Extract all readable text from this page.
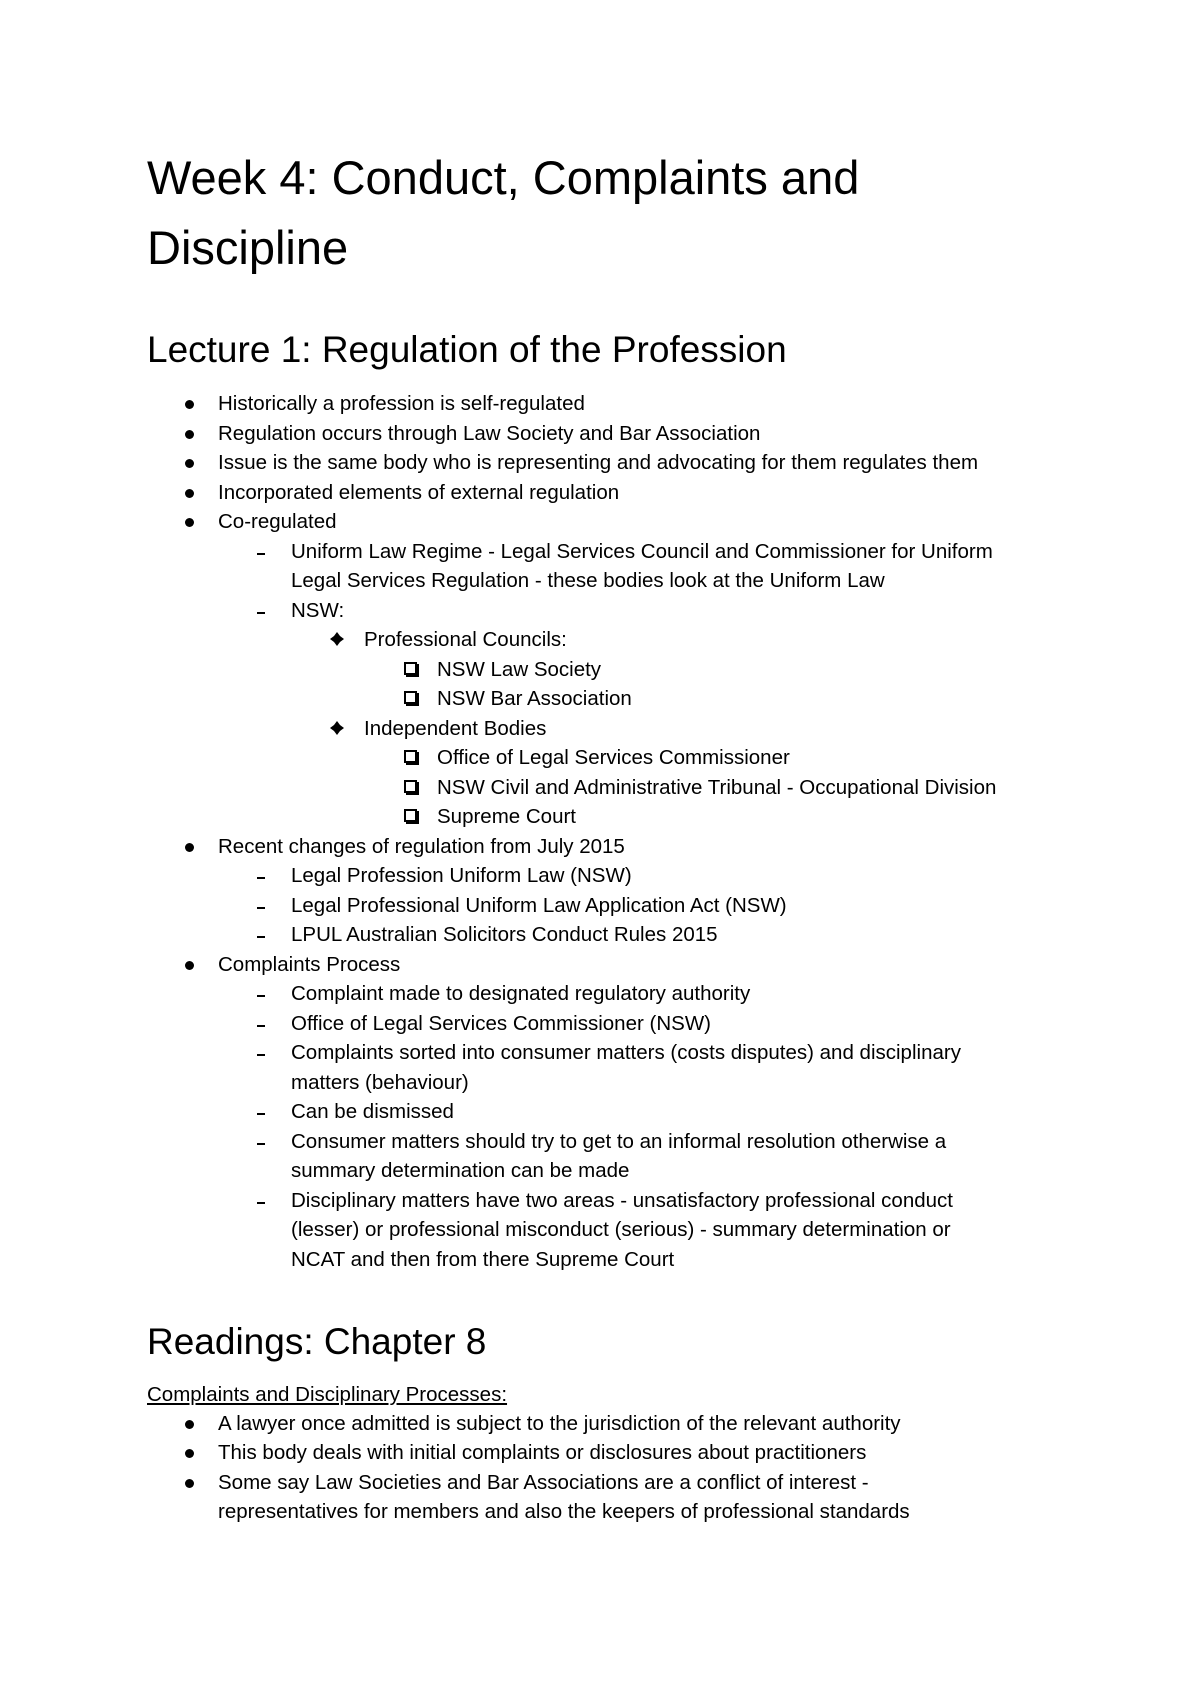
Week 4: Conduct, Complaints and
Discipline
Lecture 1: Regulation of the Profession
Historically a profession is self-regulated
Regulation occurs through Law Society and Bar Association
Issue is the same body who is representing and advocating for them regulates them
Incorporated elements of external regulation
Co-regulated
Uniform Law Regime - Legal Services Council and Commissioner for Uniform
Legal Services Regulation - these bodies look at the Uniform Law
NSW:
Professional Councils:
NSW Law Society
NSW Bar Association
Independent Bodies
Office of Legal Services Commissioner
NSW Civil and Administrative Tribunal - Occupational Division
Supreme Court
Recent changes of regulation from July 2015
Legal Profession Uniform Law (NSW)
Legal Professional Uniform Law Application Act (NSW)
LPUL Australian Solicitors Conduct Rules 2015
Complaints Process
Complaint made to designated regulatory authority
Office of Legal Services Commissioner (NSW)
Complaints sorted into consumer matters (costs disputes) and disciplinary
matters (behaviour)
Can be dismissed
Consumer matters should try to get to an informal resolution otherwise a
summary determination can be made
Disciplinary matters have two areas - unsatisfactory professional conduct
(lesser) or professional misconduct (serious) - summary determination or
NCAT and then from there Supreme Court
Readings: Chapter 8
Complaints and Disciplinary Processes:
A lawyer once admitted is subject to the jurisdiction of the relevant authority
This body deals with initial complaints or disclosures about practitioners
Some say Law Societies and Bar Associations are a conflict of interest -
representatives for members and also the keepers of professional standards
